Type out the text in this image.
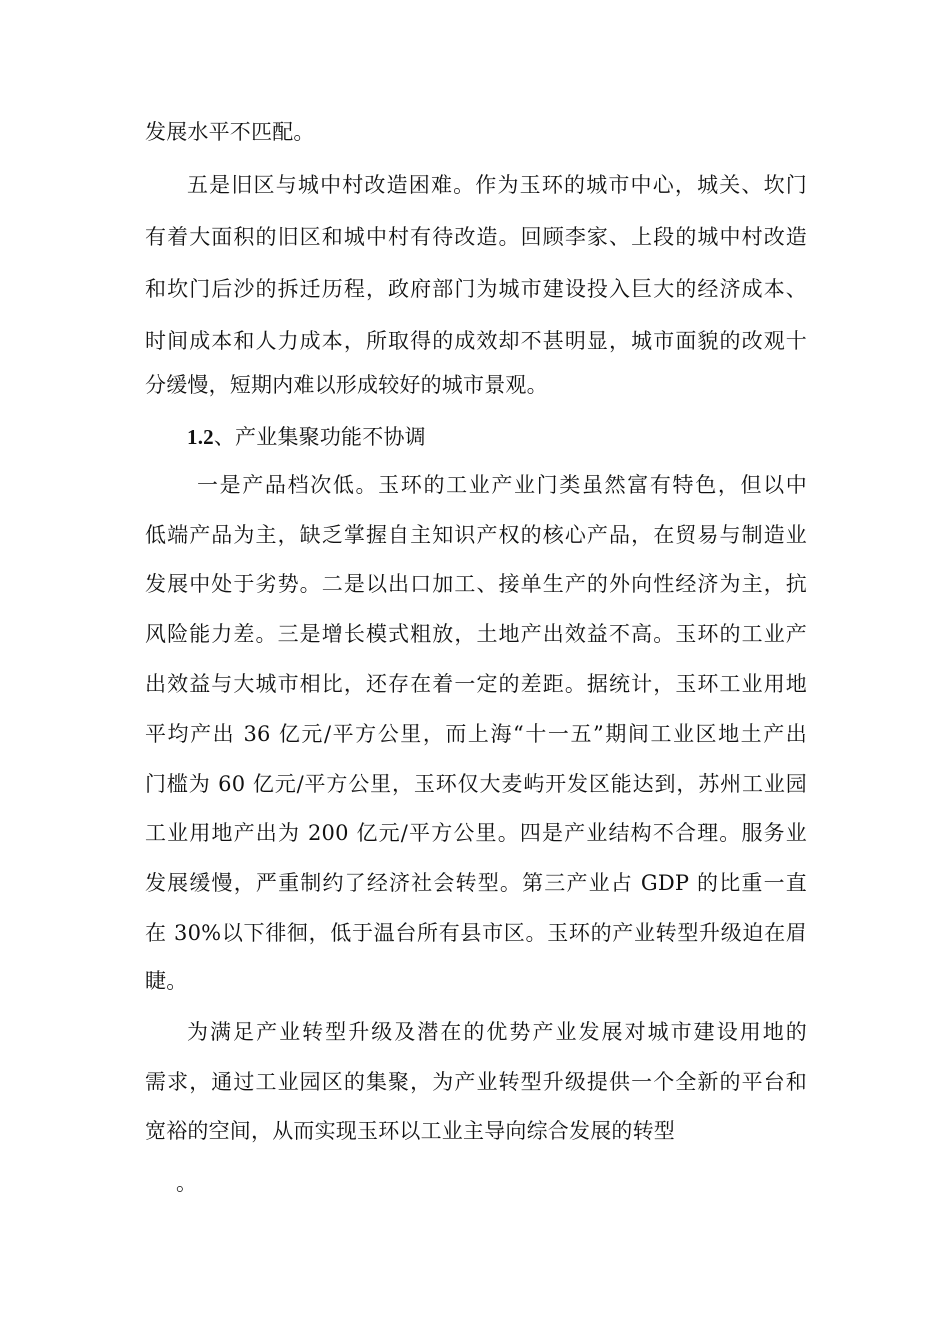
发展水平不匹配。
五是旧区与城中村改造困难。作为玉环的城市中心，城关、坎门
有着大面积的旧区和城中村有待改造。回顾李家、上段的城中村改造
和坎门后沙的拆迁历程，政府部门为城市建设投入巨大的经济成本、
时间成本和人力成本，所取得的成效却不甚明显，城市面貌的改观十
分缓慢，短期内难以形成较好的城市景观。
1.2、产业集聚功能不协调
一是产品档次低。玉环的工业产业门类虽然富有特色，但以中
低端产品为主，缺乏掌握自主知识产权的核心产品，在贸易与制造业
发展中处于劣势。二是以出口加工、接单生产的外向性经济为主，抗
风险能力差。三是增长模式粗放，土地产出效益不高。玉环的工业产
出效益与大城市相比，还存在着一定的差距。据统计，玉环工业用地
平均产出 36 亿元/平方公里，而上海“十一五”期间工业区地土产出
门槛为 60 亿元/平方公里，玉环仅大麦屿开发区能达到，苏州工业园
工业用地产出为 200 亿元/平方公里。四是产业结构不合理。服务业
发展缓慢，严重制约了经济社会转型。第三产业占 GDP 的比重一直
在 30%以下徘徊，低于温台所有县市区。玉环的产业转型升级迫在眉
睫。
为满足产业转型升级及潜在的优势产业发展对城市建设用地的
需求，通过工业园区的集聚，为产业转型升级提供一个全新的平台和
宽裕的空间，从而实现玉环以工业主导向综合发展的转型
。
